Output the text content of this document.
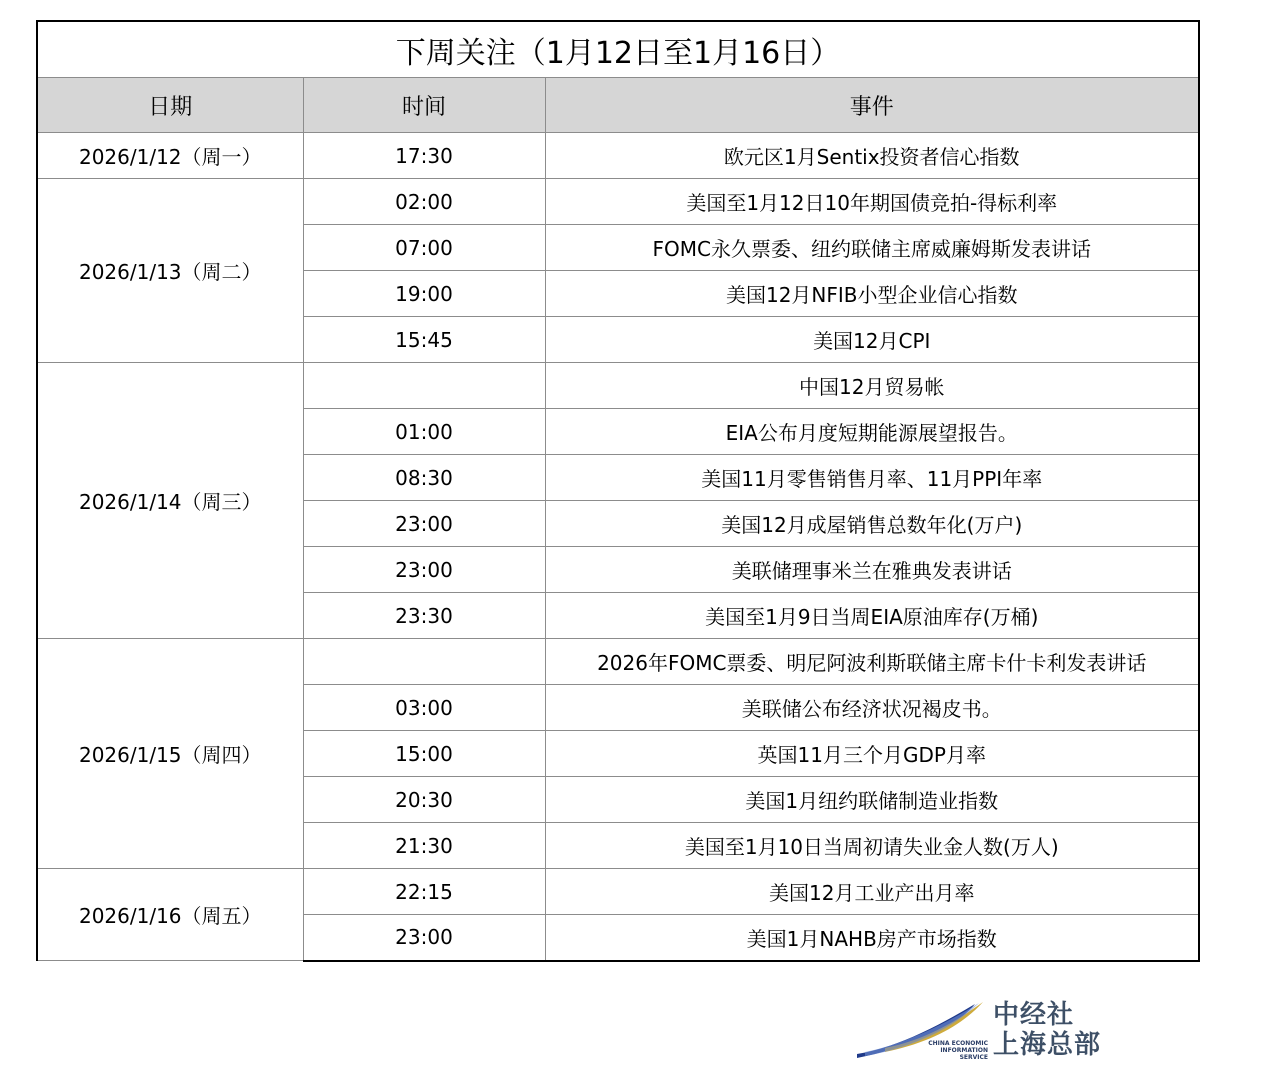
下周关注（1月12日至1月16日）		
日期	时间	事件
2026/1/12（周一）	17:30	欧元区1月Sentix投资者信心指数
2026/1/13（周二）	02:00	美国至1月12日10年期国债竞拍-得标利率
	07:00	FOMC永久票委、纽约联储主席威廉姆斯发表讲话
	19:00	美国12月NFIB小型企业信心指数
	15:45	美国12月CPI
2026/1/14（周三）		中国12月贸易帐
	01:00	EIA公布月度短期能源展望报告。
	08:30	美国11月零售销售月率、11月PPI年率
	23:00	美国12月成屋销售总数年化(万户)
	23:00	美联储理事米兰在雅典发表讲话
	23:30	美国至1月9日当周EIA原油库存(万桶)
2026/1/15（周四）		2026年FOMC票委、明尼阿波利斯联储主席卡什卡利发表讲话
	03:00	美联储公布经济状况褐皮书。
	15:00	英国11月三个月GDP月率
	20:30	美国1月纽约联储制造业指数
	21:30	美国至1月10日当周初请失业金人数(万人)
2026/1/16（周五）	22:15	美国12月工业产出月率
	23:00	美国1月NAHB房产市场指数
CHINA ECONOMIC
INFORMATION SERVICE
中经社
上海总部
